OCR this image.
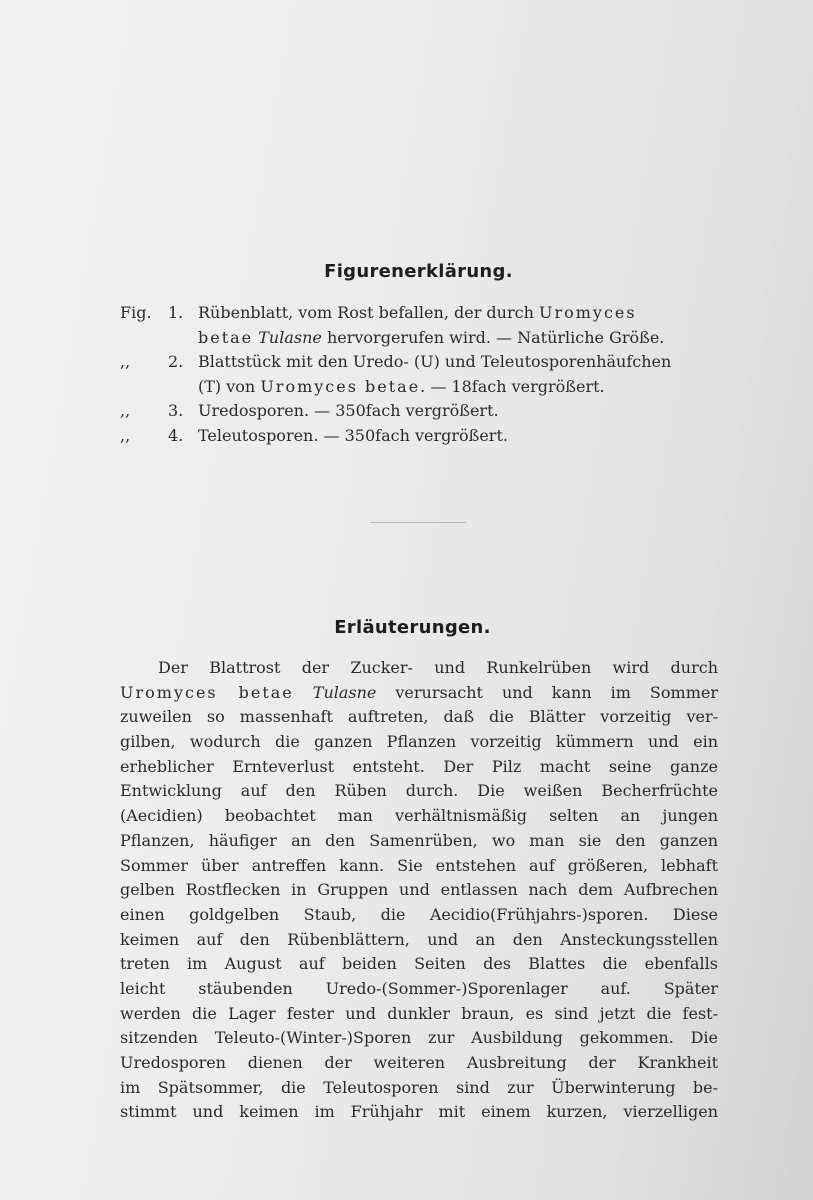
Figurenerklärung.
Fig.	1. Rübenblatt, vom Rost befallen, der durch Uromyces
betae Tulasne hervorgerufen wird. — Natürliche Größe.
,,	2. Blattstück mit den Uredo- (U) und Teleutosporenhäufchen
(T) von Uromyces betae. — 18fach vergrößert.
,,	3. Uredosporen. — 350fach vergrößert.
,,	4. Teleutosporen. — 350fach vergrößert.
Erläuterungen.
Der Blattrost der Zucker- und Runkelrüben wird durch
Uromyces betae Tulasne verursacht und kann im Sommer
zuweilen so massenhaft auftreten, daß die Blätter vorzeitig ver-
gilben, wodurch die ganzen Pflanzen vorzeitig kümmern und ein
erheblicher Ernteverlust entsteht. Der Pilz macht seine ganze
Entwicklung auf den Rüben durch. Die weißen Becherfrüchte
(Aecidien) beobachtet man verhältnismäßig selten an jungen
Pflanzen, häufiger an den Samenrüben, wo man sie den ganzen
Sommer über antreffen kann. Sie entstehen auf größeren, lebhaft
gelben Rostflecken in Gruppen und entlassen nach dem Aufbrechen
einen goldgelben Staub, die Aecidio(Frühjahrs-)sporen. Diese
keimen auf den Rübenblättern, und an den Ansteckungsstellen
treten im August auf beiden Seiten des Blattes die ebenfalls
leicht stäubenden Uredo-(Sommer-)Sporenlager auf. Später
werden die Lager fester und dunkler braun, es sind jetzt die fest-
sitzenden Teleuto-(Winter-)Sporen zur Ausbildung gekommen. Die
Uredosporen dienen der weiteren Ausbreitung der Krankheit
im Spätsommer, die Teleutosporen sind zur Überwinterung be-
stimmt und keimen im Frühjahr mit einem kurzen, vierzelligen
